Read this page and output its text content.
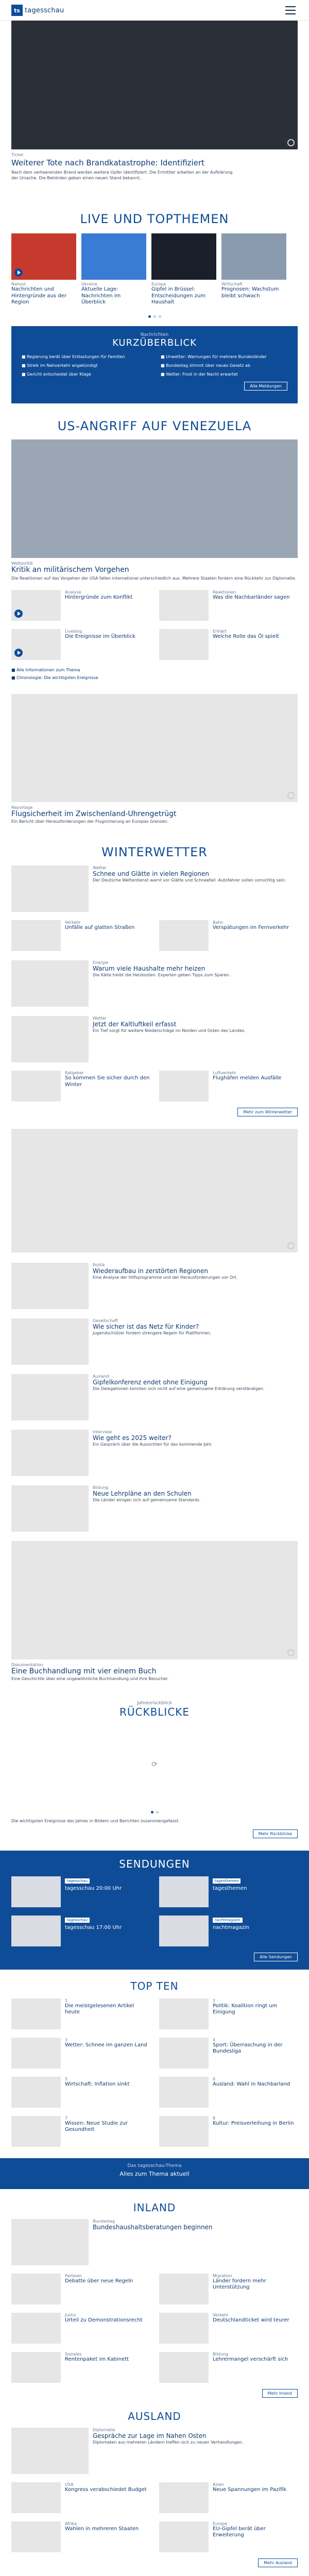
ts tagesschau
Ticker
Weiterer Tote nach Brandkatastrophe: Identifiziert
Nach dem verheerenden Brand werden weitere Opfer identifiziert. Die Ermittler arbeiten an der Aufklärung der Ursache. Die Behörden geben einen neuen Stand bekannt.
LIVE UND TOPTHEMEN
Nahost
Nachrichten und Hintergründe aus der Region
Ukraine
Aktuelle Lage: Nachrichten im Überblick
Europa
Gipfel in Brüssel: Entscheidungen zum Haushalt
Wirtschaft
Prognosen: Wachstum bleibt schwach
Nachrichten
KURZÜBERBLICK
■ Regierung berät über Entlastungen für Familien	■ Unwetter: Warnungen für mehrere Bundesländer
■ Streik im Nahverkehr angekündigt	■ Bundestag stimmt über neues Gesetz ab
■ Gericht entscheidet über Klage	■ Wetter: Frost in der Nacht erwartet
Alle Meldungen
US-ANGRIFF AUF VENEZUELA
Weltpolitik
Kritik an militärischem Vorgehen
Die Reaktionen auf das Vorgehen der USA fallen international unterschiedlich aus. Mehrere Staaten fordern eine Rückkehr zur Diplomatie.
Analyse
Hintergründe zum Konflikt
Reaktionen
Was die Nachbarländer sagen
Liveblog
Die Ereignisse im Überblick
Erklärt
Welche Rolle das Öl spielt
■ Alle Informationen zum Thema
■ Chronologie: Die wichtigsten Ereignisse
Reportage
Flugsicherheit im Zwischenland-Uhrengetrügt
Ein Bericht über Herausforderungen der Flugsicherung an Europas Grenzen.
WINTERWETTER
Wetter
Schnee und Glätte in vielen Regionen
Der Deutsche Wetterdienst warnt vor Glätte und Schneefall. Autofahrer sollen vorsichtig sein.
Verkehr
Unfälle auf glatten Straßen
Bahn
Verspätungen im Fernverkehr
Energie
Warum viele Haushalte mehr heizen
Die Kälte treibt die Heizkosten. Experten geben Tipps zum Sparen.
Wetter
Jetzt der Kaltluftkeil erfasst
Ein Tief sorgt für weitere Niederschläge im Norden und Osten des Landes.
Ratgeber
So kommen Sie sicher durch den Winter
Luftverkehr
Flughäfen melden Ausfälle
Mehr zum Winterwetter
Politik
Wiederaufbau in zerstörten Regionen
Eine Analyse der Hilfsprogramme und der Herausforderungen vor Ort.
Gesellschaft
Wie sicher ist das Netz für Kinder?
Jugendschützer fordern strengere Regeln für Plattformen.
Ausland
Gipfelkonferenz endet ohne Einigung
Die Delegationen konnten sich nicht auf eine gemeinsame Erklärung verständigen.
Interview
Wie geht es 2025 weiter?
Ein Gespräch über die Aussichten für das kommende Jahr.
Bildung
Neue Lehrpläne an den Schulen
Die Länder einigen sich auf gemeinsame Standards.
Dokumentation
Eine Buchhandlung mit vier einem Buch
Eine Geschichte über eine ungewöhnliche Buchhandlung und ihre Besucher.
Jahresrückblick
RÜCKBLICKE
⟳
Die wichtigsten Ereignisse des Jahres in Bildern und Berichten zusammengefasst.
Mehr Rückblicke
SENDUNGEN
tagesschau
tagesschau 20:00 Uhr
tagesthemen
tagesthemen
tagesschau
tagesschau 17:00 Uhr
nachtmagazin
nachtmagazin
Alle Sendungen
TOP TEN
1
Die meistgelesenen Artikel heute
2
Politik: Koalition ringt um Einigung
3
Wetter: Schnee im ganzen Land
4
Sport: Überraschung in der Bundesliga
5
Wirtschaft: Inflation sinkt
6
Ausland: Wahl in Nachbarland
7
Wissen: Neue Studie zur Gesundheit
8
Kultur: Preisverleihung in Berlin
Das tagesschau-Thema
Alles zum Thema aktuell
INLAND
Bundestag
Bundeshaushaltsberatungen beginnen
Parteien
Debatte über neue Regeln
Migration
Länder fordern mehr Unterstützung
Justiz
Urteil zu Demonstrationsrecht
Verkehr
Deutschlandticket wird teurer
Soziales
Rentenpaket im Kabinett
Bildung
Lehrermangel verschärft sich
Mehr Inland
AUSLAND
Diplomatie
Gespräche zur Lage im Nahen Osten
Diplomaten aus mehreren Ländern treffen sich zu neuen Verhandlungen.
USA
Kongress verabschiedet Budget
Asien
Neue Spannungen im Pazifik
Afrika
Wahlen in mehreren Staaten
Europa
EU-Gipfel berät über Erweiterung
Mehr Ausland
